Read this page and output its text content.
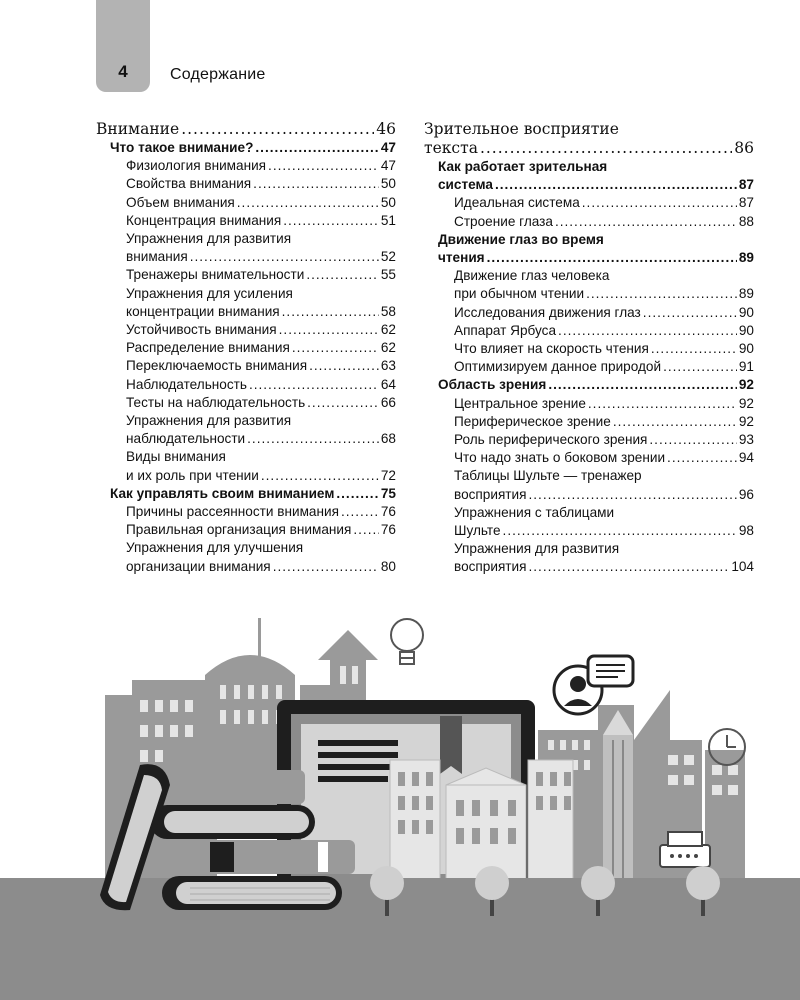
4	Содержание
Внимание .....	46
Что такое внимание? .....	47
Физиология внимания .....	47
Свойства внимания .....	50
Объем внимания .....	50
Концентрация внимания .....	51
Упражнения для развития
внимания .....	52
Тренажеры внимательности .....	55
Упражнения для усиления
концентрации внимания .....	58
Устойчивость внимания .....	62
Распределение внимания .....	62
Переключаемость внимания .....	63
Наблюдательность .....	64
Тесты на наблюдательность .....	66
Упражнения для развития
наблюдательности .....	68
Виды внимания
и их роль при чтении .....	72
Как управлять своим вниманием .....	75
Причины рассеянности внимания .....	76
Правильная организация внимания ..... 76
Упражнения для улучшения
организации внимания .....	80
Зрительное восприятие
текста .....	86
Как работает зрительная
система .....	87
Идеальная система .....	87
Строение глаза .....	88
Движение глаз во время
чтения .....	89
Движение глаз человека
при обычном чтении .....	89
Исследования движения глаз .....	90
Аппарат Ярбуса .....	90
Что влияет на скорость чтения .....	90
Оптимизируем данное природой .....	91
Область зрения .....	92
Центральное зрение .....	92
Периферическое зрение .....	92
Роль периферического зрения .....	93
Что надо знать о боковом зрении .....	94
Таблицы Шульте — тренажер
восприятия .....	96
Упражнения с таблицами
Шульте .....	98
Упражнения для развития
восприятия .....	104
